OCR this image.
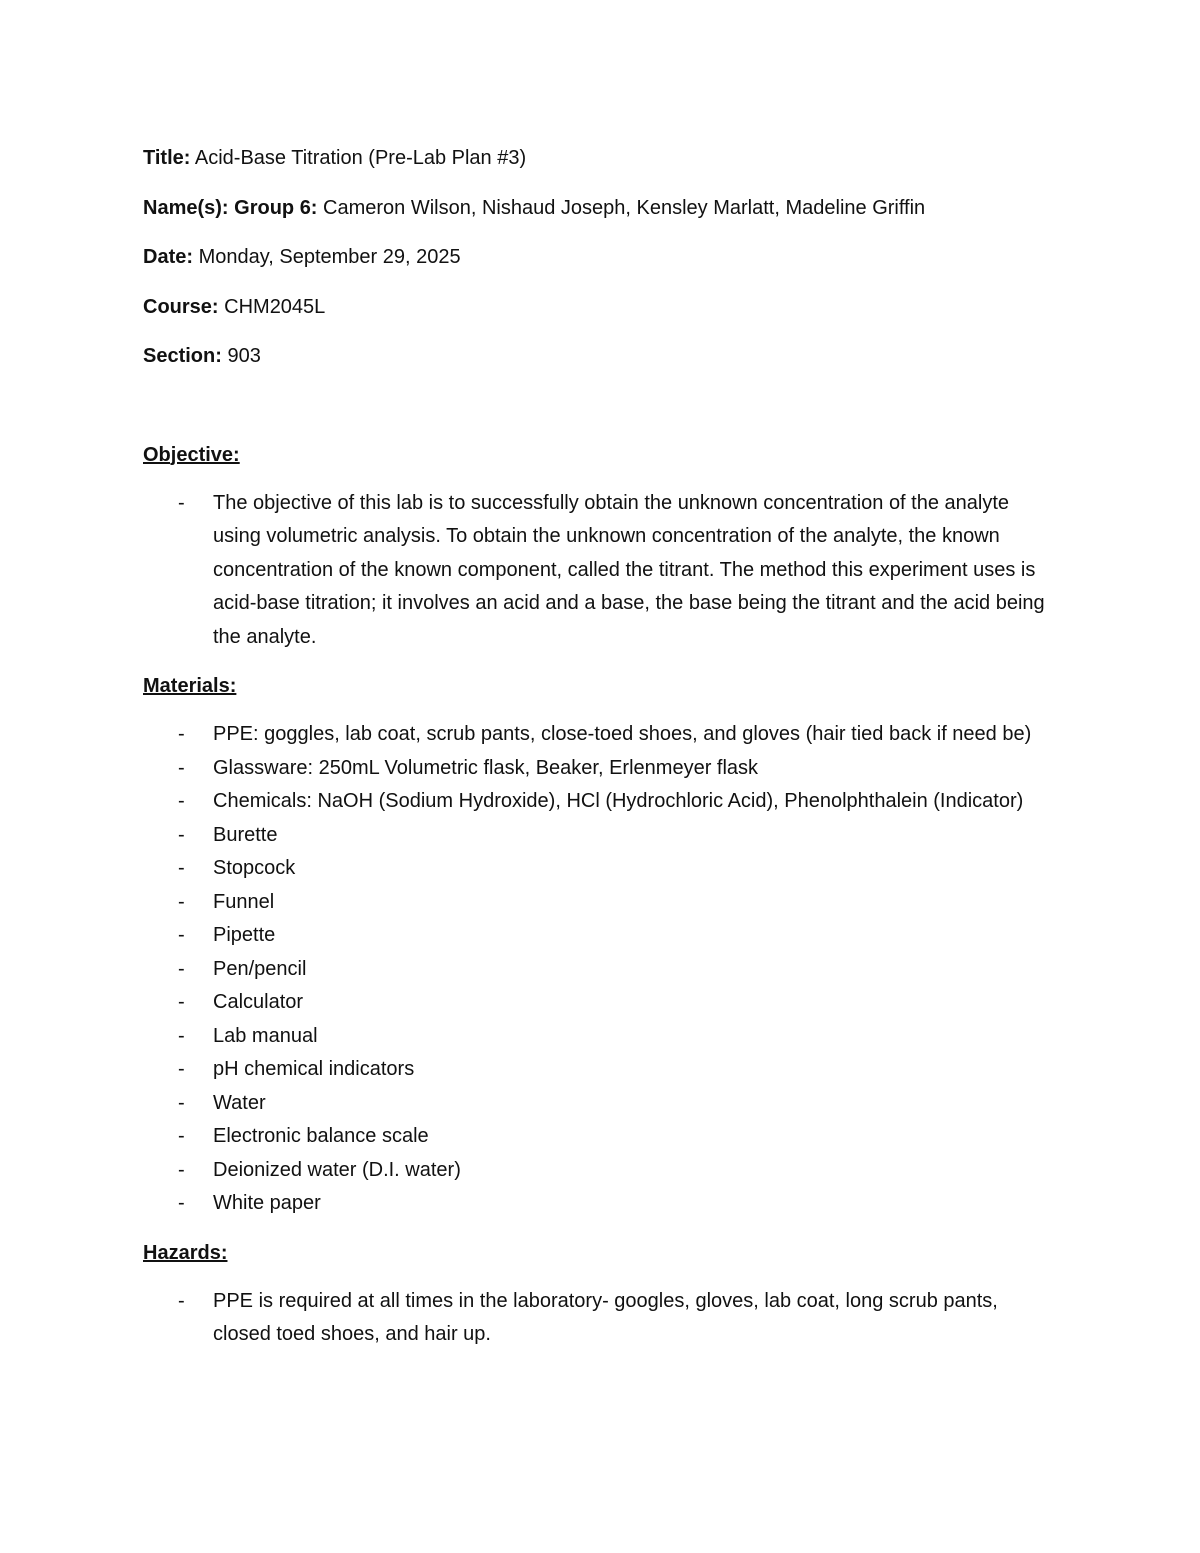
Title: Acid-Base Titration (Pre-Lab Plan #3)
Name(s): Group 6: Cameron Wilson, Nishaud Joseph, Kensley Marlatt, Madeline Griffin
Date: Monday, September 29, 2025
Course: CHM2045L
Section: 903
Objective:
- The objective of this lab is to successfully obtain the unknown concentration of the analyte using volumetric analysis. To obtain the unknown concentration of the analyte, the known concentration of the known component, called the titrant. The method this experiment uses is acid-base titration; it involves an acid and a base, the base being the titrant and the acid being the analyte.
Materials:
- PPE: goggles, lab coat, scrub pants, close-toed shoes, and gloves (hair tied back if need be)
- Glassware: 250mL Volumetric flask, Beaker, Erlenmeyer flask
- Chemicals: NaOH (Sodium Hydroxide), HCl (Hydrochloric Acid), Phenolphthalein (Indicator)
- Burette
- Stopcock
- Funnel
- Pipette
- Pen/pencil
- Calculator
- Lab manual
- pH chemical indicators
- Water
- Electronic balance scale
- Deionized water (D.I. water)
- White paper
Hazards:
- PPE is required at all times in the laboratory- googles, gloves, lab coat, long scrub pants, closed toed shoes, and hair up.
